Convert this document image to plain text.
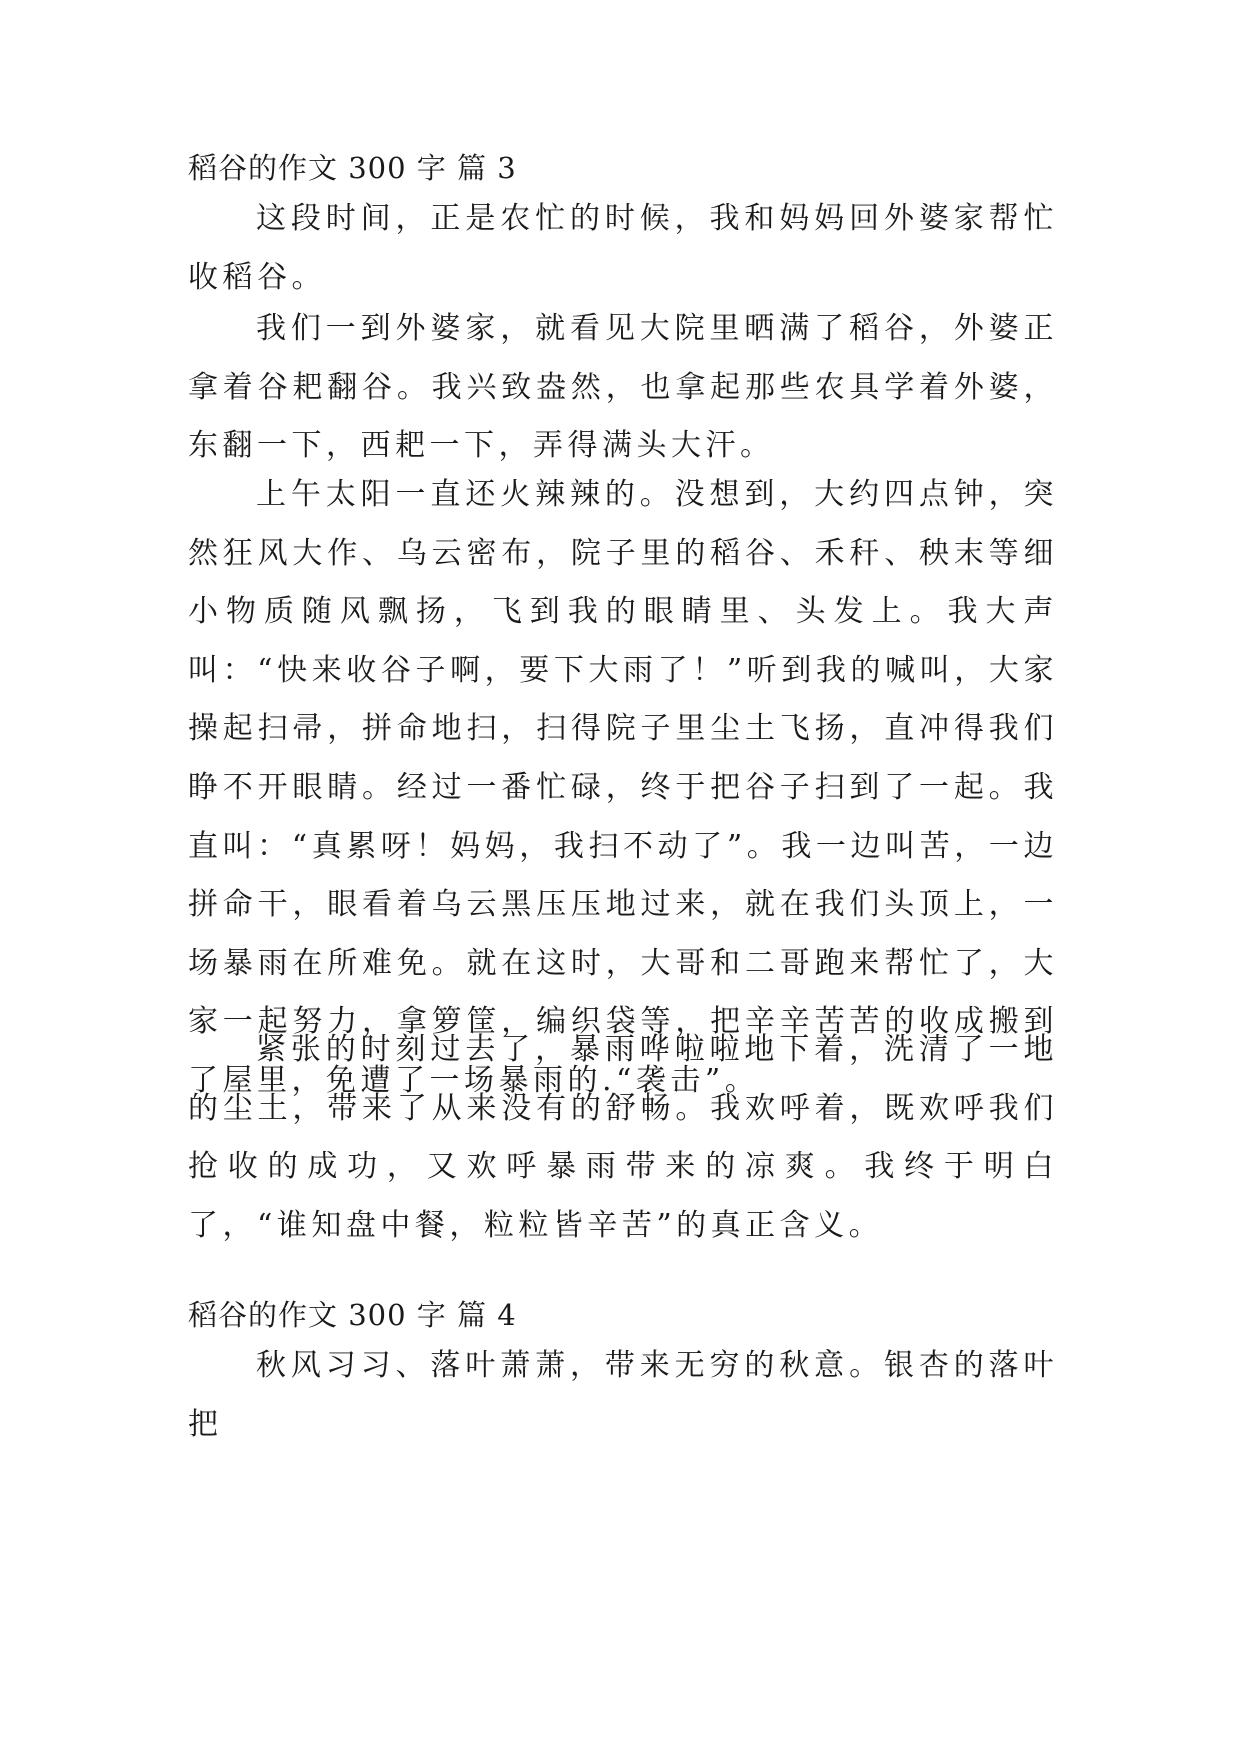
稻谷的作文 300 字 篇 3

这段时间，正是农忙的时候，我和妈妈回外婆家帮忙收稻谷。

我们一到外婆家，就看见大院里晒满了稻谷，外婆正拿着谷耙翻谷。我兴致盎然，也拿起那些农具学着外婆，东翻一下，西耙一下，弄得满头大汗。

上午太阳一直还火辣辣的。没想到，大约四点钟，突然狂风大作、乌云密布，院子里的稻谷、禾秆、秧末等细小物质随风飘扬，飞到我的眼睛里、头发上。我大声叫：“快来收谷子啊，要下大雨了！”听到我的喊叫，大家操起扫帚，拼命地扫，扫得院子里尘土飞扬，直冲得我们睁不开眼睛。经过一番忙碌，终于把谷子扫到了一起。我直叫：“真累呀！妈妈，我扫不动了”。我一边叫苦，一边拼命干，眼看着乌云黑压压地过来，就在我们头顶上，一场暴雨在所难免。就在这时，大哥和二哥跑来帮忙了，大家一起努力，拿箩筐，编织袋等，把辛辛苦苦的收成搬到了屋里，免遭了一场暴雨的.“袭击”。

紧张的时刻过去了，暴雨哗啦啦地下着，洗清了一地的尘土，带来了从来没有的舒畅。我欢呼着，既欢呼我们抢收的成功，又欢呼暴雨带来的凉爽。我终于明白了，“谁知盘中餐，粒粒皆辛苦”的真正含义。

稻谷的作文 300 字 篇 4

秋风习习、落叶萧萧，带来无穷的秋意。银杏的落叶把
